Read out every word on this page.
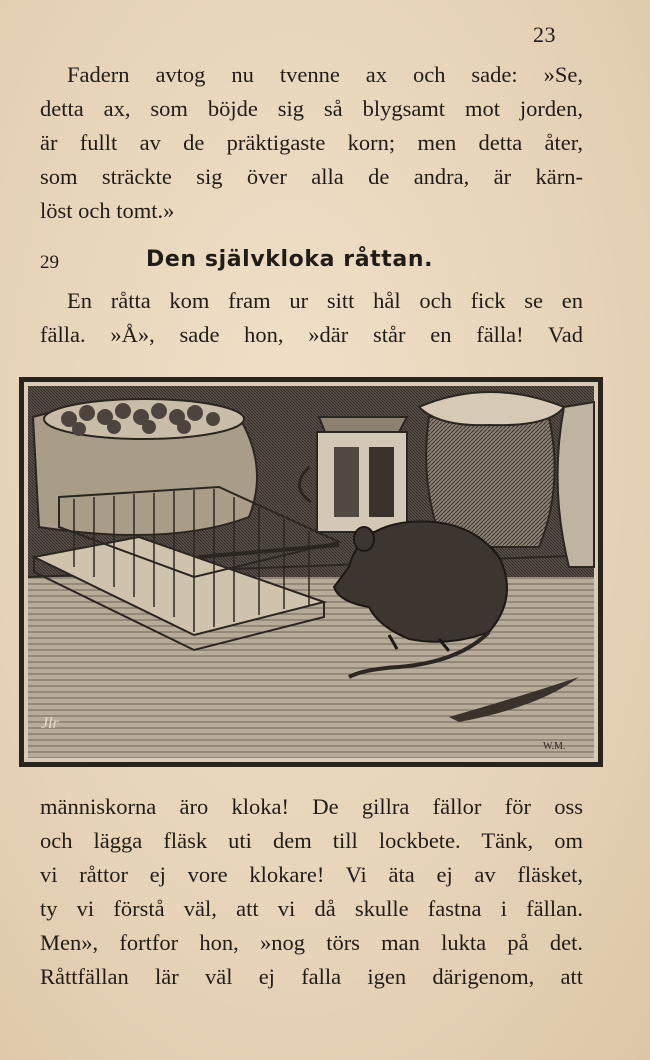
23
Fadern avtog nu tvenne ax och sade: »Se,
detta ax, som böjde sig så blygsamt mot jorden,
är fullt av de präktigaste korn; men detta åter,
som sträckte sig över alla de andra, är kärn-
löst och tomt.»
29	Den självkloka råttan.
En råtta kom fram ur sitt hål och fick se en
fälla. »Å», sade hon, »där står en fälla! Vad
Jlr
W.M.
människorna äro kloka! De gillra fällor för oss
och lägga fläsk uti dem till lockbete. Tänk, om
vi råttor ej vore klokare! Vi äta ej av fläsket,
ty vi förstå väl, att vi då skulle fastna i fällan.
Men», fortfor hon, »nog törs man lukta på det.
Råttfällan lär väl ej falla igen därigenom, att
